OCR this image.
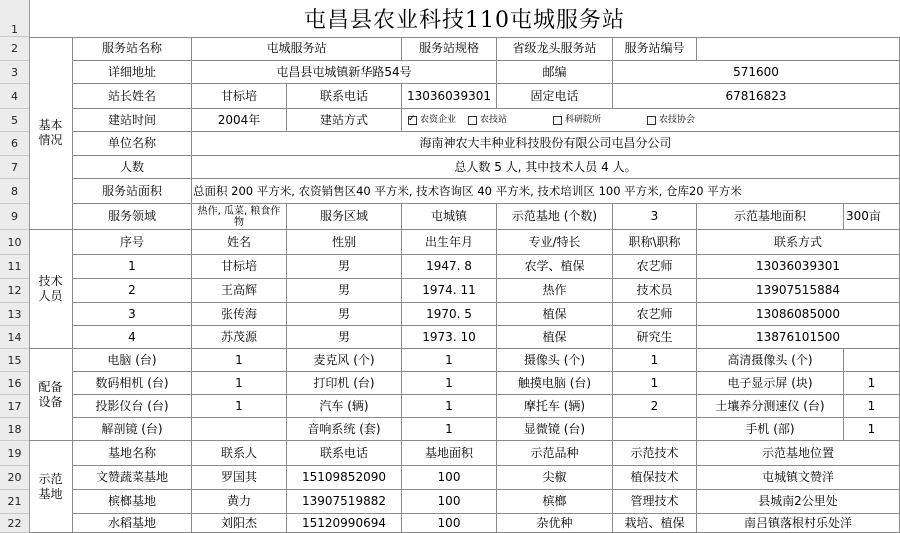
1
2
3
4
5
6
7
8
9
10
11
12
13
14
15
16
17
18
19
20
21
22
屯昌县农业科技110屯城服务站
基本情况
技术人员
配备设备
示范基地
服务站名称	屯城服务站	服务站规格	省级龙头服务站	服务站编号
详细地址	屯昌县屯城镇新华路54号	邮编	571600
站长姓名	甘标培	联系电话	13036039301	固定电话	67816823
建站时间	2004年	建站方式
✓	农资企业	农技站	科研院所	农技协会
单位名称	海南神农大丰种业科技股份有限公司屯昌分公司
人数	总人数 5 人, 其中技术人员 4 人。
服务站面积	总面积 200 平方米, 农资销售区40 平方米, 技术咨询区 40 平方米, 技术培训区 100 平方米, 仓库20 平方米
服务领域	热作, 瓜菜, 粮食作物	服务区域	屯城镇	示范基地 (个数)	3	示范基地面积	300亩
序号	姓名	性别	出生年月	专业/特长	职称\职称	联系方式
1	甘标培	男	1947. 8	农学、植保	农艺师	13036039301
2	王高辉	男	1974. 11	热作	技术员	13907515884
3	张传海	男	1970. 5	植保	农艺师	13086085000
4	苏茂源	男	1973. 10	植保	研究生	13876101500
电脑 (台)	1	麦克风 (个)	1	摄像头 (个)	1	高清摄像头 (个)
数码相机 (台)	1	打印机 (台)	1	触摸电脑 (台)	1	电子显示屏 (块)	1
投影仪台 (台)	1	汽车 (辆)	1	摩托车 (辆)	2	土壤养分测速仪 (台)	1
解剖镜 (台)	音响系统 (套)	1	显微镜 (台)	手机 (部)	1
基地名称	联系人	联系电话	基地面积	示范品种	示范技术	示范基地位置
文赞蔬菜基地	罗国其	15109852090	100	尖椒	植保技术	屯城镇文赞洋
槟榔基地	黄力	13907519882	100	槟榔	管理技术	县城南2公里处
水稻基地	刘阳杰	15120990694	100	杂优种	栽培、植保	南吕镇落根村乐处洋
